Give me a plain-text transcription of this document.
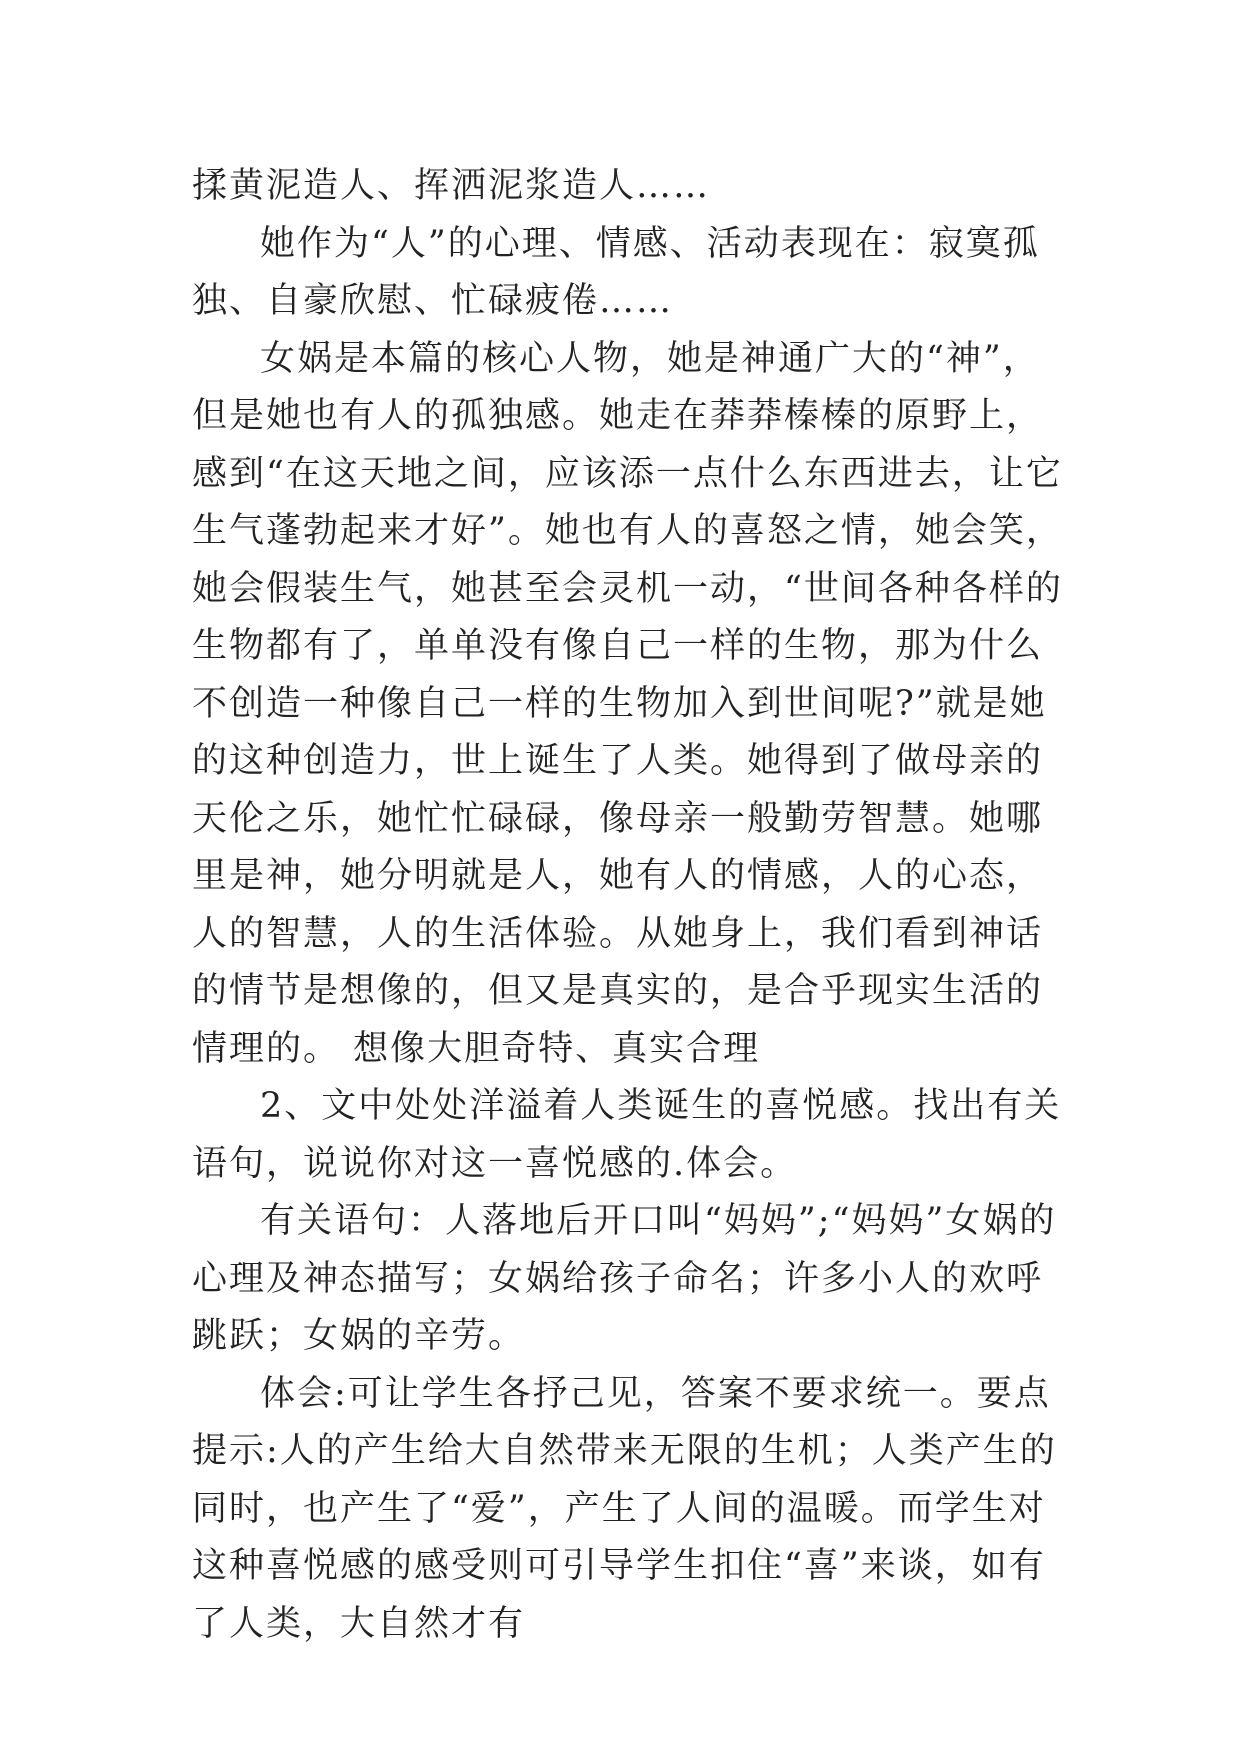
揉黄泥造人、挥洒泥浆造人……

她作为“人”的心理、情感、活动表现在：寂寞孤独、自豪欣慰、忙碌疲倦……

女娲是本篇的核心人物，她是神通广大的“神”，但是她也有人的孤独感。她走在莽莽榛榛的原野上，感到“在这天地之间，应该添一点什么东西进去，让它生气蓬勃起来才好”。她也有人的喜怒之情，她会笑，她会假装生气，她甚至会灵机一动，“世间各种各样的生物都有了，单单没有像自己一样的生物，那为什么不创造一种像自己一样的生物加入到世间呢?”就是她的这种创造力，世上诞生了人类。她得到了做母亲的天伦之乐，她忙忙碌碌，像母亲一般勤劳智慧。她哪里是神，她分明就是人，她有人的情感，人的心态，人的智慧，人的生活体验。从她身上，我们看到神话的情节是想像的，但又是真实的，是合乎现实生活的情理的。 想像大胆奇特、真实合理

2、文中处处洋溢着人类诞生的喜悦感。找出有关语句，说说你对这一喜悦感的.体会。

有关语句：人落地后开口叫“妈妈”;“妈妈”女娲的心理及神态描写；女娲给孩子命名；许多小人的欢呼跳跃；女娲的辛劳。

体会:可让学生各抒己见，答案不要求统一。要点提示:人的产生给大自然带来无限的生机；人类产生的同时，也产生了“爱”，产生了人间的温暖。而学生对这种喜悦感的感受则可引导学生扣住“喜”来谈，如有了人类，大自然才有
